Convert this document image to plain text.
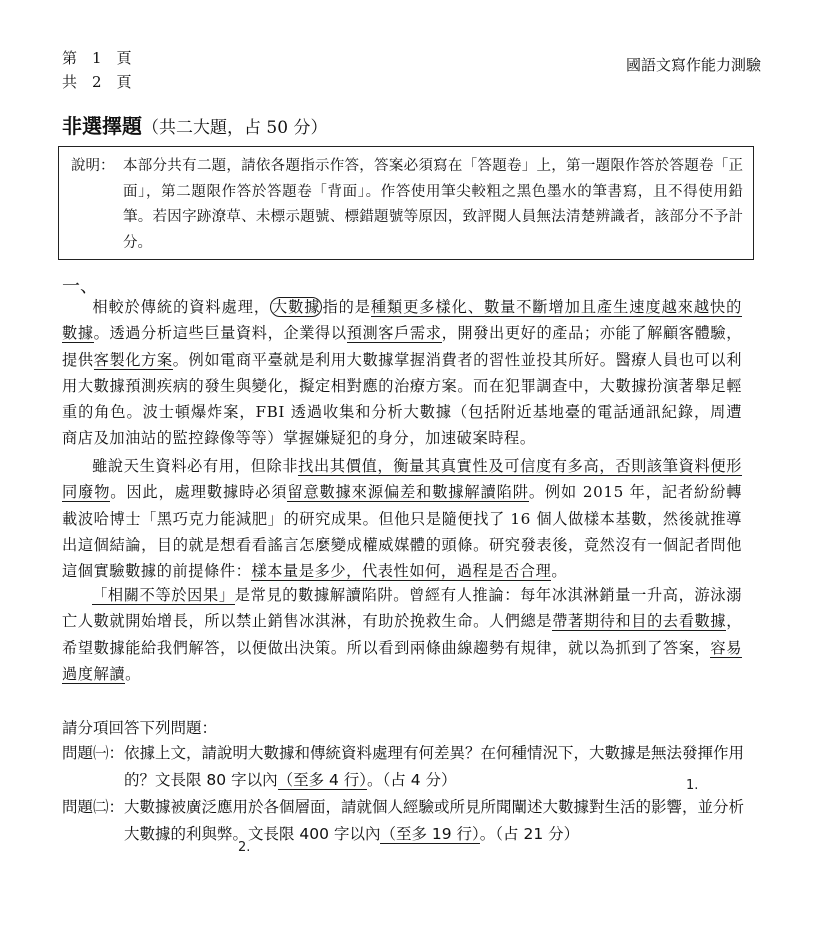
第　1　頁
共　2　頁
國語文寫作能力測驗
非選擇題（共二大題，占 50 分）
說明： 本部分共有二題，請依各題指示作答，答案必須寫在「答題卷」上，第一題限作答於答題卷「正面」，第二題限作答於答題卷「背面」。作答使用筆尖較粗之黑色墨水的筆書寫，且不得使用鉛筆。若因字跡潦草、未標示題號、標錯題號等原因，致評閱人員無法清楚辨識者，該部分不予計分。
一、
相較於傳統的資料處理， 大數據 指的是種類更多樣化、數量不斷增加且產生速度越來越快的數據。透過分析這些巨量資料，企業得以預測客戶需求，開發出更好的產品；亦能了解顧客體驗，提供客製化方案。例如電商平臺就是利用大數據掌握消費者的習性並投其所好。醫療人員也可以利用大數據預測疾病的發生與變化，擬定相對應的治療方案。而在犯罪調查中，大數據扮演著舉足輕重的角色。波士頓爆炸案，FBI 透過收集和分析大數據（包括附近基地臺的電話通訊紀錄，周遭商店及加油站的監控錄像等等）掌握嫌疑犯的身分，加速破案時程。
雖說天生資料必有用，但除非找出其價值，衡量其真實性及可信度有多高，否則該筆資料便形同廢物。因此，處理數據時必須留意數據來源偏差和數據解讀陷阱。例如 2015 年，記者紛紛轉載波哈博士「黑巧克力能減肥」的研究成果。但他只是隨便找了 16 個人做樣本基數，然後就推導出這個結論，目的就是想看看謠言怎麼變成權威媒體的頭條。研究發表後，竟然沒有一個記者問他這個實驗數據的前提條件：樣本量是多少，代表性如何，過程是否合理。
「相關不等於因果」是常見的數據解讀陷阱。曾經有人推論：每年冰淇淋銷量一升高，游泳溺亡人數就開始增長，所以禁止銷售冰淇淋，有助於挽救生命。人們總是帶著期待和目的去看數據，希望數據能給我們解答，以便做出決策。所以看到兩條曲線趨勢有規律，就以為抓到了答案，容易過度解讀。
請分項回答下列問題：
問題㈠： 依據上文，請說明大數據和傳統資料處理有何差異？在何種情況下，大數據是無法發揮作用的？文長限 80 字以內（至多 4 行）。（占 4 分）
問題㈡： 大數據被廣泛應用於各個層面，請就個人經驗或所見所聞闡述大數據對生活的影響，並分析大數據的利與弊。文長限 400 字以內（至多 19 行）。（占 21 分）
1.
2.
